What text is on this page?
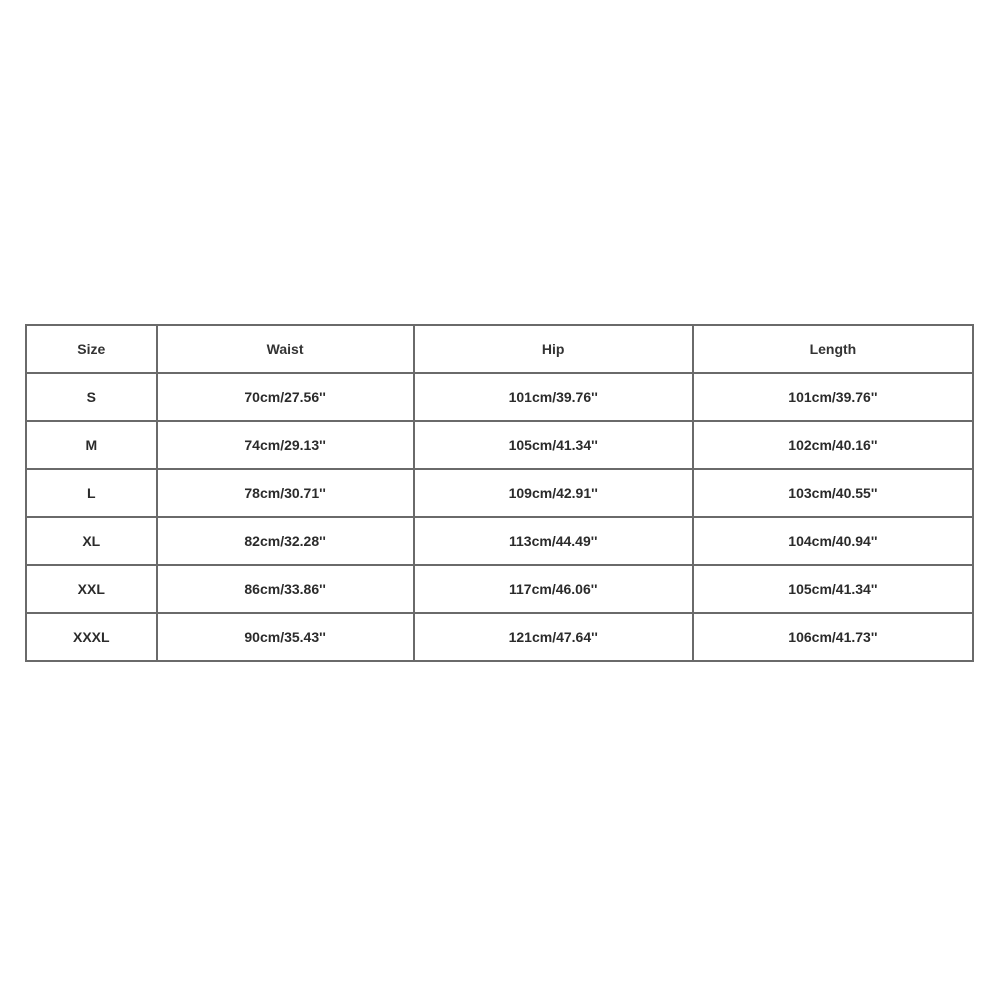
Size	Waist	Hip	Length
S	70cm/27.56''	101cm/39.76''	101cm/39.76''
M	74cm/29.13''	105cm/41.34''	102cm/40.16''
L	78cm/30.71''	109cm/42.91''	103cm/40.55''
XL	82cm/32.28''	113cm/44.49''	104cm/40.94''
XXL	86cm/33.86''	117cm/46.06''	105cm/41.34''
XXXL	90cm/35.43''	121cm/47.64''	106cm/41.73''
